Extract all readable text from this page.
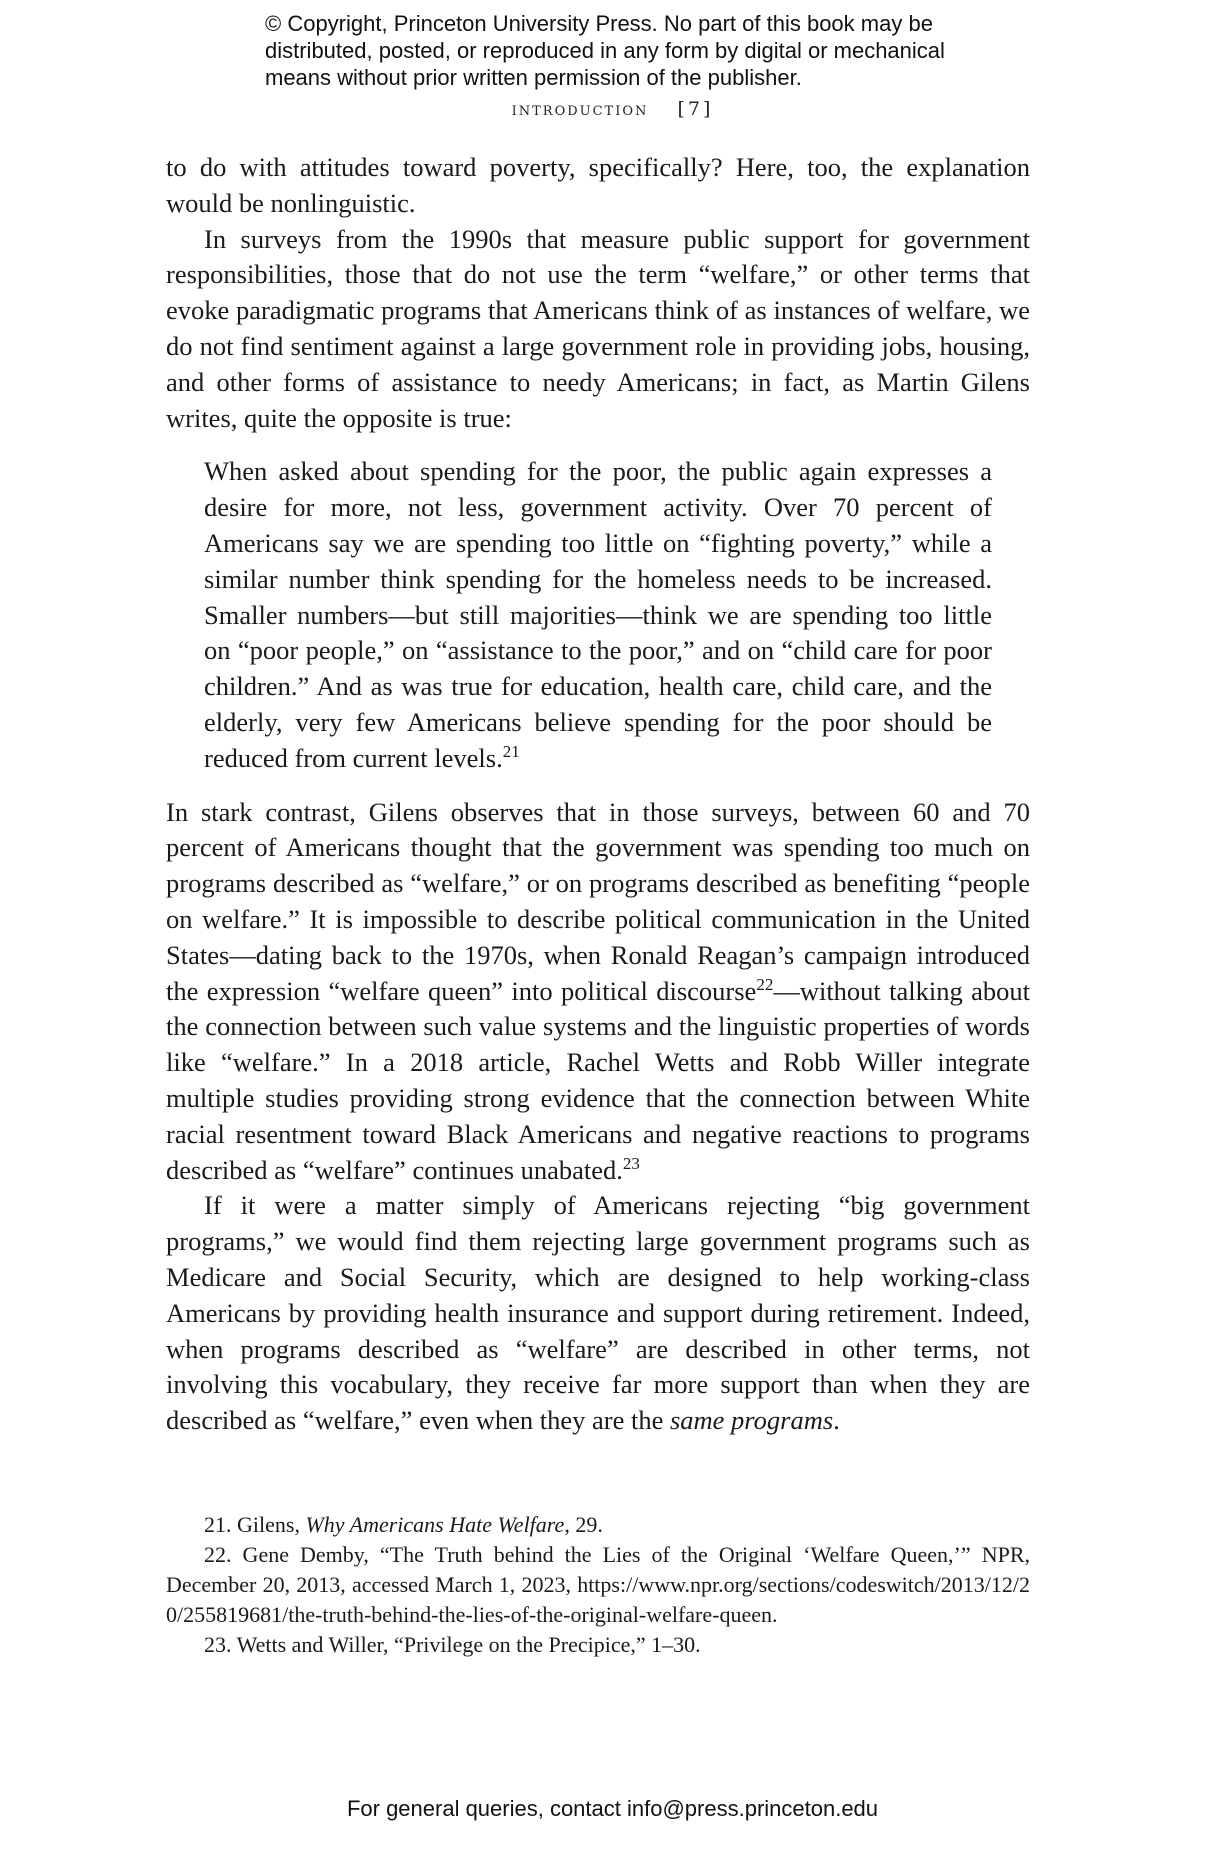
© Copyright, Princeton University Press. No part of this book may be
distributed, posted, or reproduced in any form by digital or mechanical
means without prior written permission of the publisher.
introduction [7]

to do with attitudes toward poverty, specifically? Here, too, the explanation would be nonlinguistic.

In surveys from the 1990s that measure public support for government responsibilities, those that do not use the term “welfare,” or other terms that evoke paradigmatic programs that Americans think of as instances of welfare, we do not find sentiment against a large government role in providing jobs, housing, and other forms of assistance to needy Americans; in fact, as Martin Gilens writes, quite the opposite is true:

When asked about spending for the poor, the public again expresses a desire for more, not less, government activity. Over 70 percent of Americans say we are spending too little on “fighting poverty,” while a similar number think spending for the homeless needs to be increased. Smaller numbers—but still majorities—think we are spending too little on “poor people,” on “assistance to the poor,” and on “child care for poor children.” And as was true for education, health care, child care, and the elderly, very few Americans believe spending for the poor should be reduced from current levels.$^{21}$

In stark contrast, Gilens observes that in those surveys, between 60 and 70 percent of Americans thought that the government was spending too much on programs described as “welfare,” or on programs described as benefiting “people on welfare.” It is impossible to describe political communication in the United States—dating back to the 1970s, when Ronald Reagan’s campaign introduced the expression “welfare queen” into political discourse$^{22}$—without talking about the connection between such value systems and the linguistic properties of words like “welfare.” In a 2018 article, Rachel Wetts and Robb Willer integrate multiple studies providing strong evidence that the connection between White racial resentment toward Black Americans and negative reactions to programs described as “welfare” continues unabated.$^{23}$

If it were a matter simply of Americans rejecting “big government programs,” we would find them rejecting large government programs such as Medicare and Social Security, which are designed to help working-class Americans by providing health insurance and support during retirement. Indeed, when programs described as “welfare” are described in other terms, not involving this vocabulary, they receive far more support than when they are described as “welfare,” even when they are the same programs.

21. Gilens, Why Americans Hate Welfare, 29.

22. Gene Demby, “The Truth behind the Lies of the Original ‘Welfare Queen,’” NPR, December 20, 2013, accessed March 1, 2023, https://www.npr.org/sections/codeswitch/2013/12/20/255819681/the-truth-behind-the-lies-of-the-original-welfare-queen.

23. Wetts and Willer, “Privilege on the Precipice,” 1–30.

For general queries, contact info@press.princeton.edu
